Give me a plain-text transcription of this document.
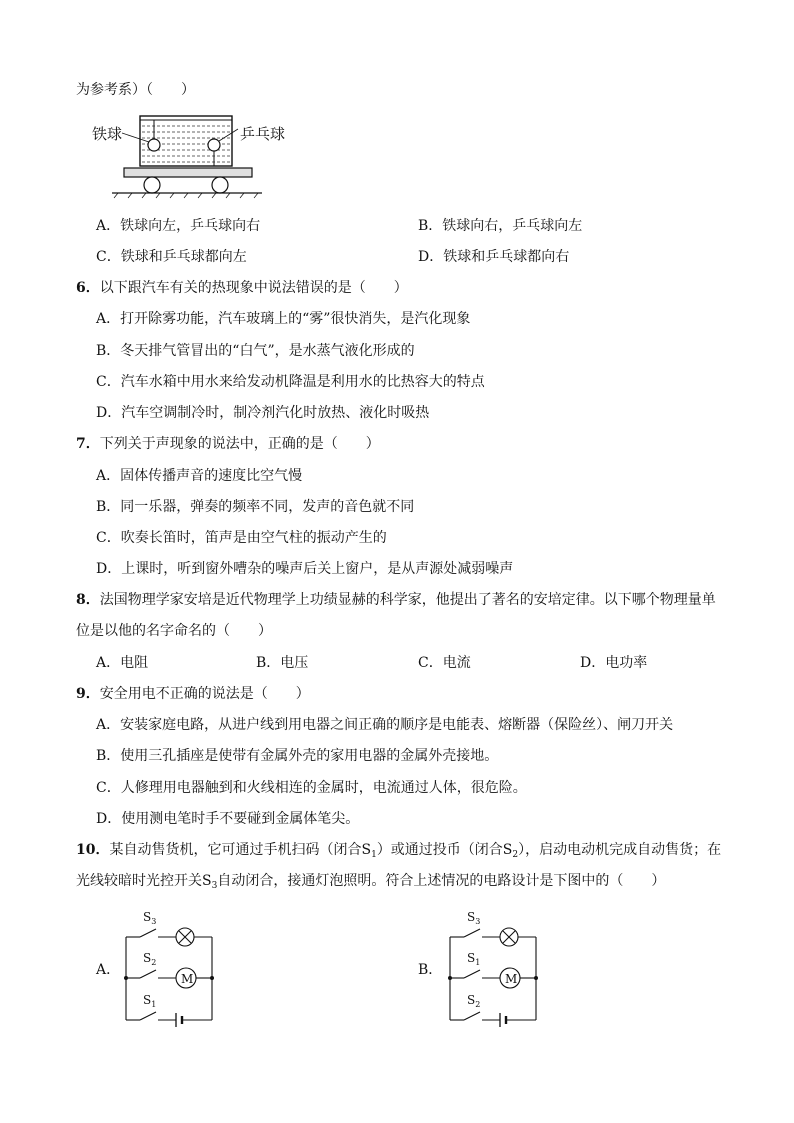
为参考系）（　　）
铁球	乒乓球
A．铁球向左，乒乓球向右	B．铁球向右，乒乓球向左
C．铁球和乒乓球都向左	D．铁球和乒乓球都向右
6．以下跟汽车有关的热现象中说法错误的是（　　）
A．打开除雾功能，汽车玻璃上的“雾”很快消失，是汽化现象
B．冬天排气管冒出的“白气”，是水蒸气液化形成的
C．汽车水箱中用水来给发动机降温是利用水的比热容大的特点
D．汽车空调制冷时，制冷剂汽化时放热、液化时吸热
7．下列关于声现象的说法中，正确的是（　　）
A．固体传播声音的速度比空气慢
B．同一乐器，弹奏的频率不同，发声的音色就不同
C．吹奏长笛时，笛声是由空气柱的振动产生的
D．上课时，听到窗外嘈杂的噪声后关上窗户，是从声源处减弱噪声
8．法国物理学家安培是近代物理学上功绩显赫的科学家，他提出了著名的安培定律。以下哪个物理量单
位是以他的名字命名的（　　）
A．电阻	B．电压	C．电流	D．电功率
9．安全用电不正确的说法是（　　）
A．安装家庭电路，从进户线到用电器之间正确的顺序是电能表、熔断器（保险丝）、闸刀开关
B．使用三孔插座是使带有金属外壳的家用电器的金属外壳接地。
C．人修理用电器触到和火线相连的金属时，电流通过人体，很危险。
D．使用测电笔时手不要碰到金属体笔尖。
10．某自动售货机，它可通过手机扫码（闭合$S_1$）或通过投币（闭合$S_2$），启动电动机完成自动售货；在
光线较暗时光控开关$S_3$自动闭合，接通灯泡照明。符合上述情况的电路设计是下图中的（　　）
A．
$S_3$
$S_2$
$S_1$
M
B．
$S_3$
$S_1$
$S_2$
M
